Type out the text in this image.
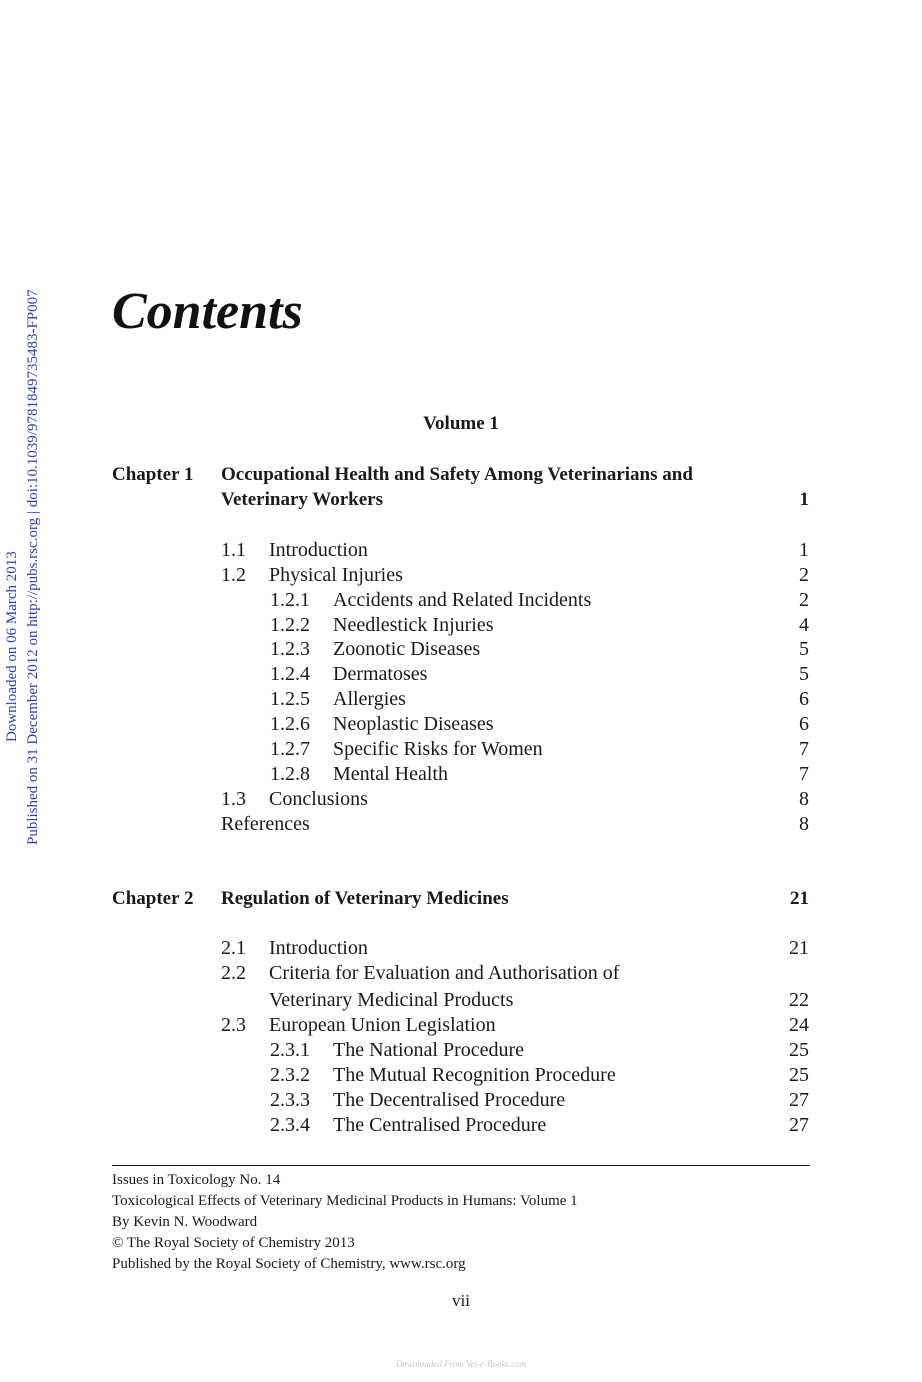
Downloaded on 06 March 2013 Published on 31 December 2012 on http://pubs.rsc.org | doi:10.1039/9781849735483-FP007 Contents
Volume 1
Chapter 1 Occupational Health and Safety Among Veterinarians and
Veterinary Workers	1
1.1 Introduction	1
1.2 Physical Injuries	2
1.2.1 Accidents and Related Incidents	2
1.2.2 Needlestick Injuries	4
1.2.3 Zoonotic Diseases	5
1.2.4 Dermatoses	5
1.2.5 Allergies	6
1.2.6 Neoplastic Diseases	6
1.2.7 Specific Risks for Women	7
1.2.8 Mental Health	7
1.3 Conclusions	8
References	8
Chapter 2 Regulation of Veterinary Medicines	21
2.1 Introduction	21
2.2 Criteria for Evaluation and Authorisation of
Veterinary Medicinal Products	22
2.3 European Union Legislation	24
2.3.1 The National Procedure	25
2.3.2 The Mutual Recognition Procedure	25
2.3.3 The Decentralised Procedure	27
2.3.4 The Centralised Procedure	27
Issues in Toxicology No. 14
Toxicological Effects of Veterinary Medicinal Products in Humans: Volume 1
By Kevin N. Woodward
© The Royal Society of Chemistry 2013
Published by the Royal Society of Chemistry, www.rsc.org
vii
Downloaded From Vet-e-Books.com
